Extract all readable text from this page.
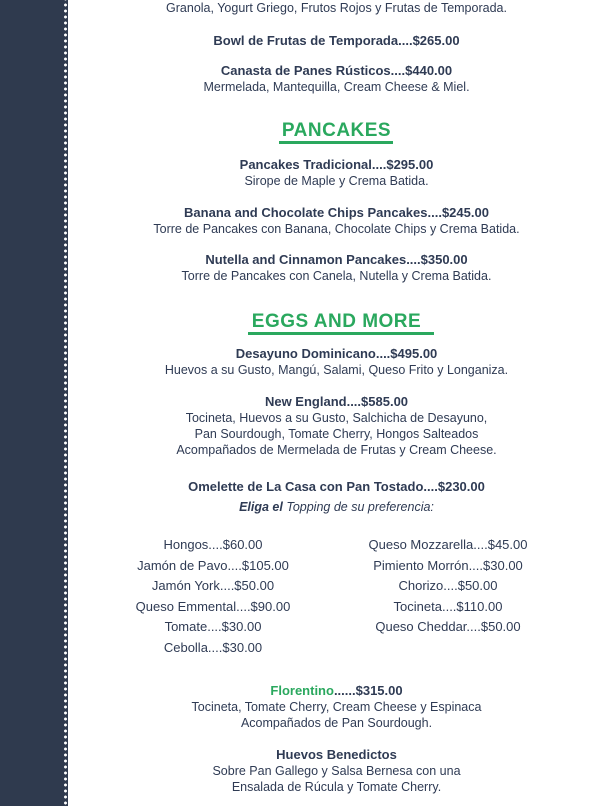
Granola, Yogurt Griego, Frutos Rojos y Frutas de Temporada.
Bowl de Frutas de Temporada....$265.00
Canasta de Panes Rústicos....$440.00
Mermelada, Mantequilla, Cream Cheese & Miel.
PANCAKES
Pancakes Tradicional....$295.00
Sirope de Maple y Crema Batida.
Banana and Chocolate Chips Pancakes....$245.00
Torre de Pancakes con Banana, Chocolate Chips y Crema Batida.
Nutella and Cinnamon Pancakes....$350.00
Torre de Pancakes con Canela, Nutella y Crema Batida.
EGGS AND MORE
Desayuno Dominicano....$495.00
Huevos a su Gusto, Mangú, Salami, Queso Frito y Longaniza.
New England....$585.00
Tocineta, Huevos a su Gusto, Salchicha de Desayuno,
Pan Sourdough, Tomate Cherry, Hongos Salteados
Acompañados de Mermelada de Frutas y Cream Cheese.
Omelette de La Casa con Pan Tostado....$230.00
Eliga el Topping de su preferencia:
Hongos....$60.00
Jamón de Pavo....$105.00
Jamón York....$50.00
Queso Emmental....$90.00
Tomate....$30.00
Cebolla....$30.00
Queso Mozzarella....$45.00
Pimiento Morrón....$30.00
Chorizo....$50.00
Tocineta....$110.00
Queso Cheddar....$50.00
Florentino......$315.00
Tocineta, Tomate Cherry, Cream Cheese y Espinaca
Acompañados de Pan Sourdough.
Huevos Benedictos
Sobre Pan Gallego y Salsa Bernesa con una
Ensalada de Rúcula y Tomate Cherry.
